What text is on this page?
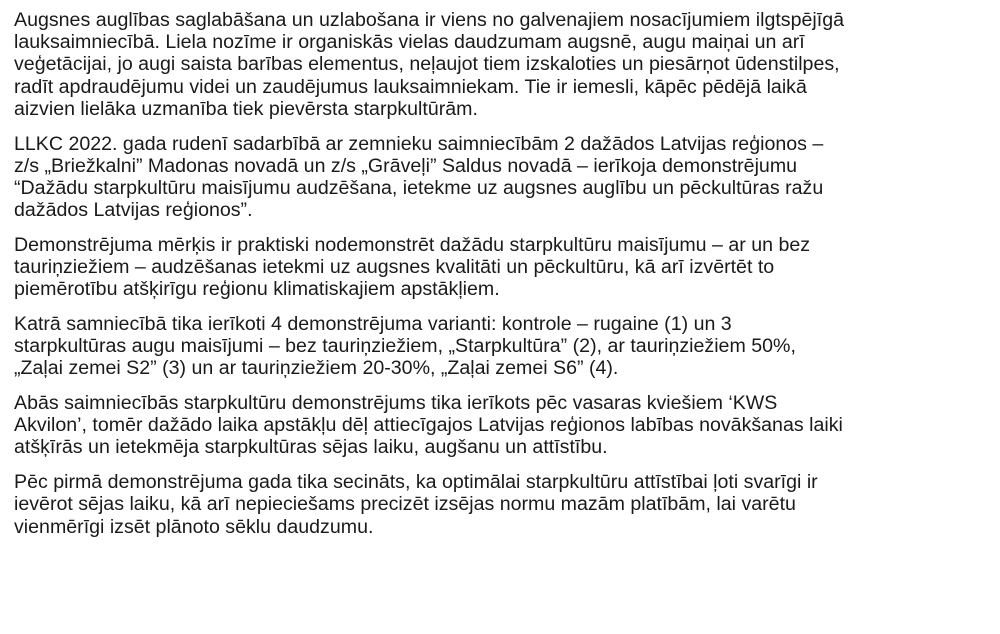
Augsnes auglības saglabāšana un uzlabošana ir viens no galvenajiem nosacījumiem ilgtspējīgā
lauksaimniecībā. Liela nozīme ir organiskās vielas daudzumam augsnē, augu maiņai un arī
veģetācijai, jo augi saista barības elementus, neļaujot tiem izskaloties un piesārņot ūdenstilpes,
radīt apdraudējumu videi un zaudējumus lauksaimniekam. Tie ir iemesli, kāpēc pēdējā laikā
aizvien lielāka uzmanība tiek pievērsta starpkultūrām.

LLKC 2022. gada rudenī sadarbībā ar zemnieku saimniecībām 2 dažādos Latvijas reģionos –
z/s „Briežkalni” Madonas novadā un z/s „Grāveļi” Saldus novadā – ierīkoja demonstrējumu
“Dažādu starpkultūru maisījumu audzēšana, ietekme uz augsnes auglību un pēckultūras ražu
dažādos Latvijas reģionos”.

Demonstrējuma mērķis ir praktiski nodemonstrēt dažādu starpkultūru maisījumu – ar un bez
tauriņziežiem – audzēšanas ietekmi uz augsnes kvalitāti un pēckultūru, kā arī izvērtēt to
piemērotību atšķirīgu reģionu klimatiskajiem apstākļiem.

Katrā samniecībā tika ierīkoti 4 demonstrējuma varianti: kontrole – rugaine (1) un 3
starpkultūras augu maisījumi – bez tauriņziežiem, „Starpkultūra” (2), ar tauriņziežiem 50%,
„Zaļai zemei S2” (3) un ar tauriņziežiem 20-30%, „Zaļai zemei S6” (4).

Abās saimniecībās starpkultūru demonstrējums tika ierīkots pēc vasaras kviešiem ‘KWS
Akvilon’, tomēr dažādo laika apstākļu dēļ attiecīgajos Latvijas reģionos labības novākšanas laiki
atšķīrās un ietekmēja starpkultūras sējas laiku, augšanu un attīstību.

Pēc pirmā demonstrējuma gada tika secināts, ka optimālai starpkultūru attīstībai ļoti svarīgi ir
ievērot sējas laiku, kā arī nepieciešams precizēt izsējas normu mazām platībām, lai varētu
vienmērīgi izsēt plānoto sēklu daudzumu.
